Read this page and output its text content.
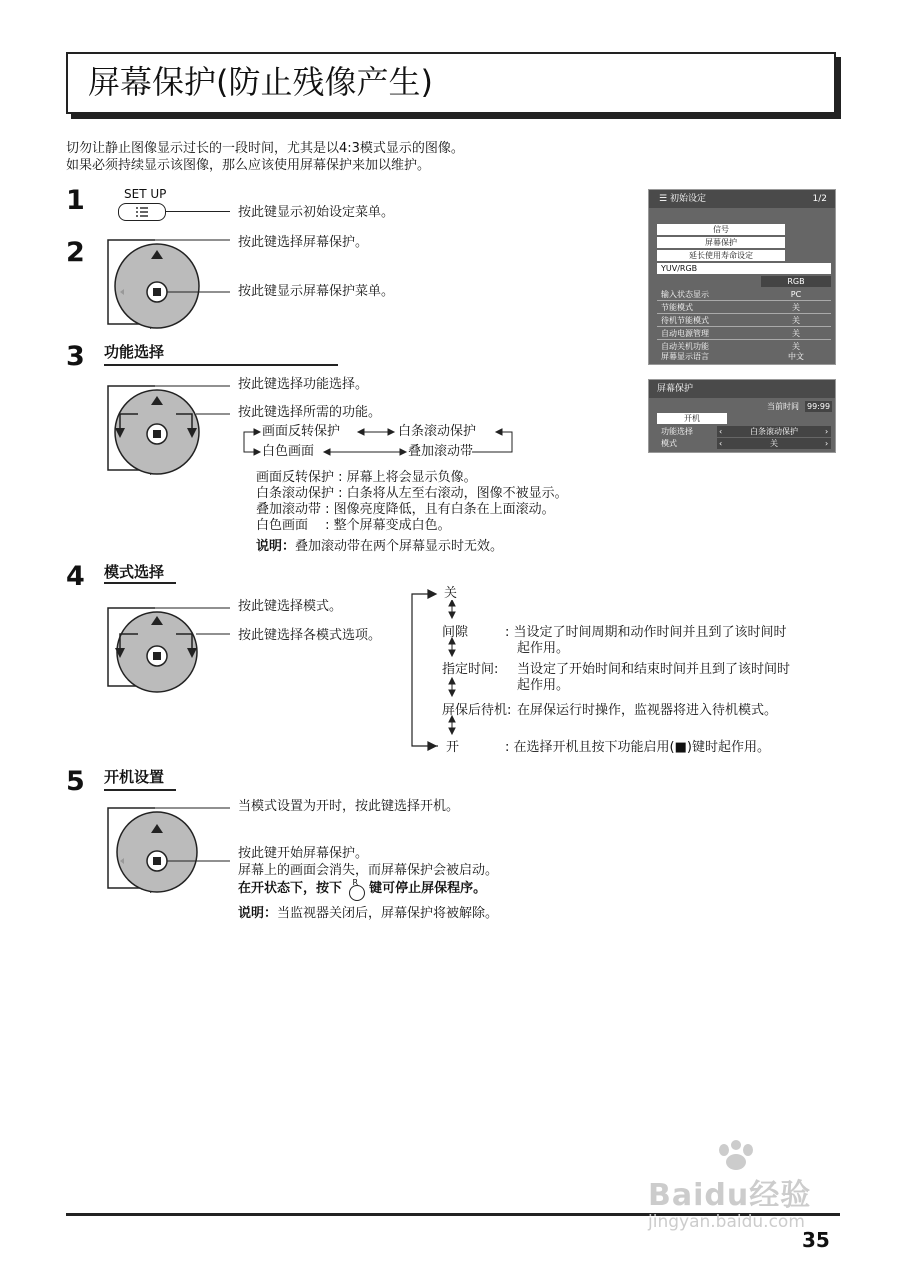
屏幕保护(防止残像产生)
切勿让静止图像显示过长的一段时间，尤其是以4:3模式显示的图像。
如果必须持续显示该图像，那么应该使用屏幕保护来加以维护。
1	SET UP
按此键显示初始设定菜单。
2	按此键选择屏幕保护。
按此键显示屏幕保护菜单。
3 功能选择
按此键选择功能选择。
按此键选择所需的功能。
画面反转保护	白条滚动保护
白色画面	叠加滚动带
画面反转保护 : 屏幕上将会显示负像。
白条滚动保护 : 白条将从左至右滚动，图像不被显示。
叠加滚动带 : 图像亮度降低，且有白条在上面滚动。
白色画面　 : 整个屏幕变成白色。
说明：叠加滚动带在两个屏幕显示时无效。
4 模式选择
按此键选择模式。
按此键选择各模式选项。
关
间隙	: 当设定了时间周期和动作时间并且到了该时间时
起作用。
指定时间: 当设定了开始时间和结束时间并且到了该时间时
起作用。
屏保后待机: 在屏保运行时操作，监视器将进入待机模式。
开	: 在选择开机且按下功能启用(■)键时起作用。
5 开机设置
当模式设置为开时，按此键选择开机。
按此键开始屏幕保护。
屏幕上的画面会消失，而屏幕保护会被启动。
在开状态下，按下 R 键可停止屏保程序。
说明：当监视器关闭后，屏幕保护将被解除。
☰ 初始设定	1/2
信号
屏幕保护
延长使用寿命设定
YUV/RGB
RGB
输入状态显示	PC
节能模式	关
待机节能模式	关
自动电源管理	关
自动关机功能	关
屏幕显示语言	中文
屏幕保护
当前时间 99:99
开机
功能选择	白条滚动保护
模式	关
‹	›
‹	›
35
Baidu经验
jingyan.baidu.com
